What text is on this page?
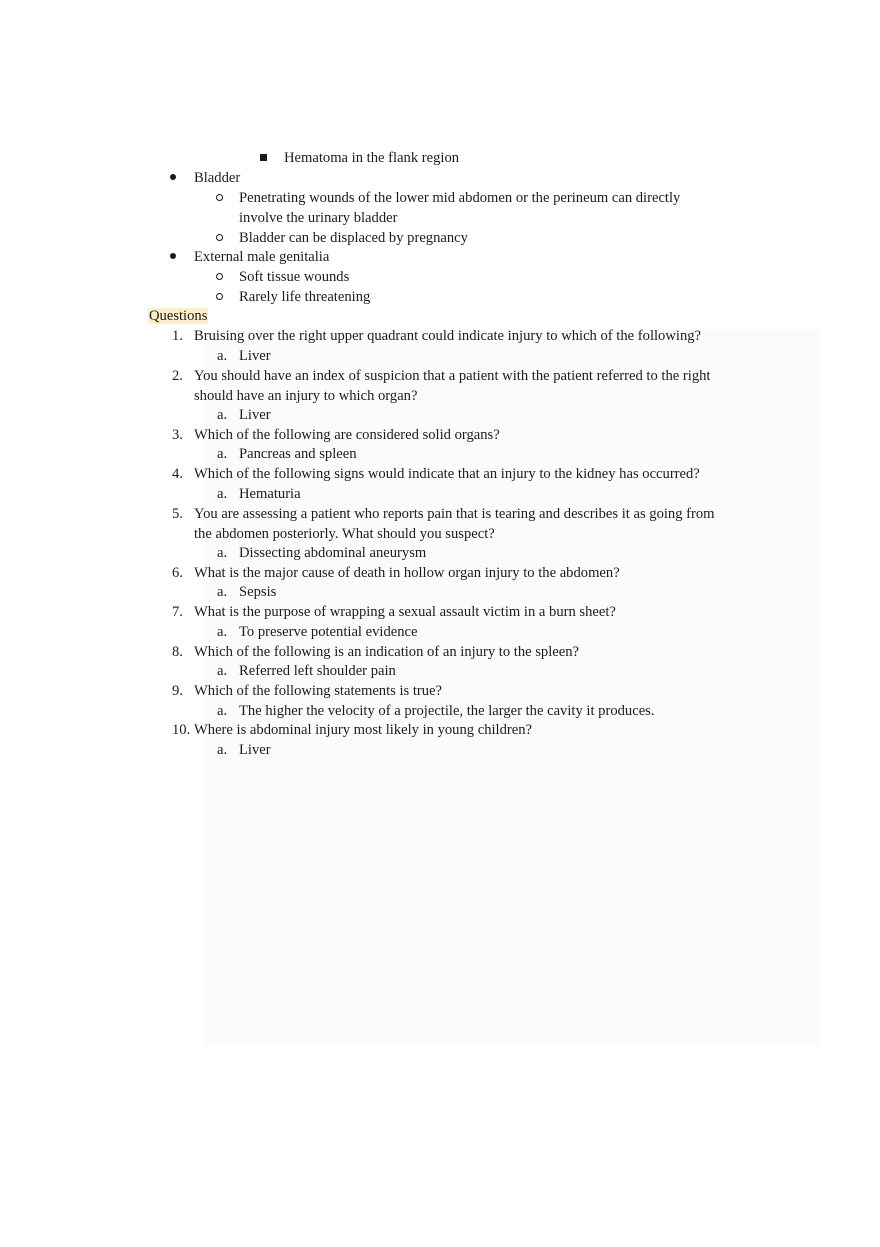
Hematoma in the flank region
Bladder
Penetrating wounds of the lower mid abdomen or the perineum can directly
involve the urinary bladder
Bladder can be displaced by pregnancy
External male genitalia
Soft tissue wounds
Rarely life threatening
Questions
1. Bruising over the right upper quadrant could indicate injury to which of the following?
a. Liver
2. You should have an index of suspicion that a patient with the patient referred to the right
should have an injury to which organ?
a. Liver
3. Which of the following are considered solid organs?
a. Pancreas and spleen
4. Which of the following signs would indicate that an injury to the kidney has occurred?
a. Hematuria
5. You are assessing a patient who reports pain that is tearing and describes it as going from
the abdomen posteriorly. What should you suspect?
a. Dissecting abdominal aneurysm
6. What is the major cause of death in hollow organ injury to the abdomen?
a. Sepsis
7. What is the purpose of wrapping a sexual assault victim in a burn sheet?
a. To preserve potential evidence
8. Which of the following is an indication of an injury to the spleen?
a. Referred left shoulder pain
9. Which of the following statements is true?
a. The higher the velocity of a projectile, the larger the cavity it produces.
10. Where is abdominal injury most likely in young children?
a. Liver
